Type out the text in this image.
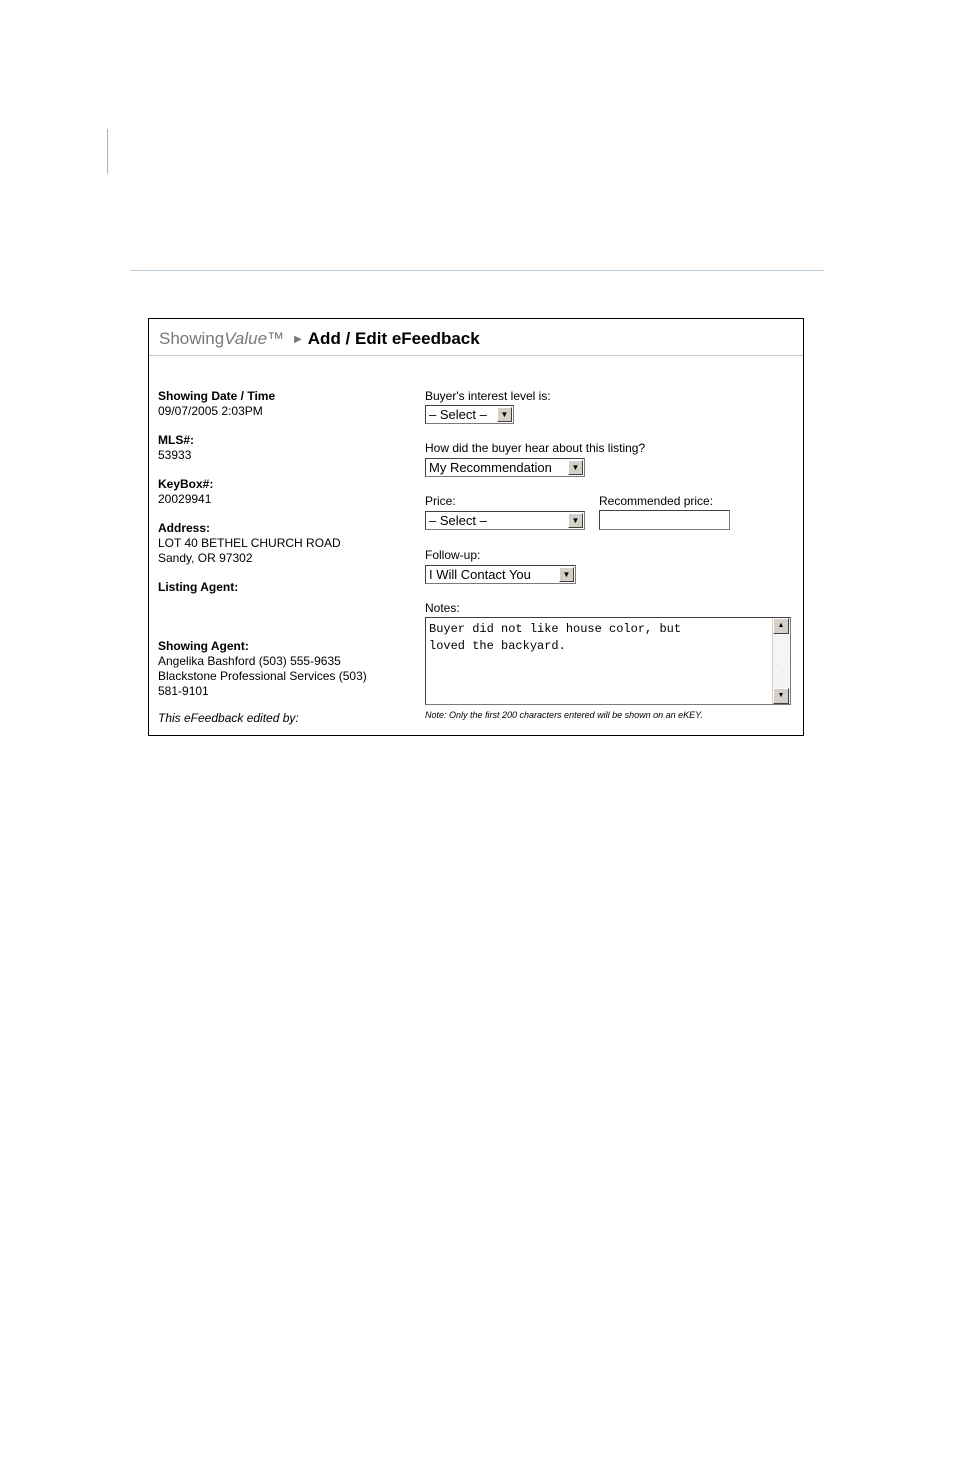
ShowingValue™ ▶ Add / Edit eFeedback
Showing Date / Time
09/07/2005 2:03PM
MLS#:
53933
KeyBox#:
20029941
Address:
LOT 40 BETHEL CHURCH ROAD
Sandy, OR 97302
Listing Agent:
Showing Agent:
Angelika Bashford (503) 555-9635
Blackstone Professional Services (503)
581-9101
This eFeedback edited by:
Buyer's interest level is:
– Select –	▼
How did the buyer hear about this listing?
My Recommendation	▼
Price:
– Select –	▼
Recommended price:
Follow-up:
I Will Contact You	▼
Notes:
Buyer did not like house color, but
loved the backyard.
▲
▼
Note: Only the first 200 characters entered will be shown on an eKEY.
